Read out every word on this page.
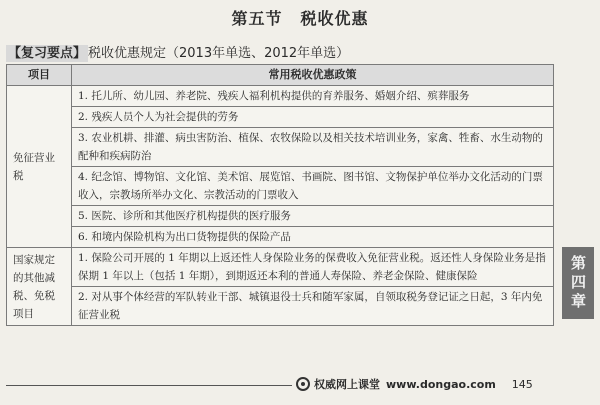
第五节 税收优惠
【复习要点】 税收优惠规定（2013年单选、2012年单选）
项目	常用税收优惠政策

免征营业税	1. 托儿所、幼儿园、养老院、残疾人福利机构提供的育养服务、婚姻介绍、殡葬服务
	2. 残疾人员个人为社会提供的劳务
	3. 农业机耕、排灌、病虫害防治、植保、农牧保险以及相关技术培训业务，家禽、牲畜、水生动物的配种和疾病防治
	4. 纪念馆、博物馆、文化馆、美术馆、展览馆、书画院、图书馆、文物保护单位举办文化活动的门票收入，宗教场所举办文化、宗教活动的门票收入
	5. 医院、诊所和其他医疗机构提供的医疗服务
	6. 和境内保险机构为出口货物提供的保险产品

国家规定的其他减税、免税项目	1. 保险公司开展的 1 年期以上返还性人身保险业务的保费收入免征营业税。返还性人身保险业务是指保期 1 年以上（包括 1 年期），到期返还本利的普通人寿保险、养老金保险、健康保险
	2. 对从事个体经营的军队转业干部、城镇退役士兵和随军家属，自领取税务登记证之日起，3 年内免征营业税
第四章
权威网上课堂 www.dongao.com 145
